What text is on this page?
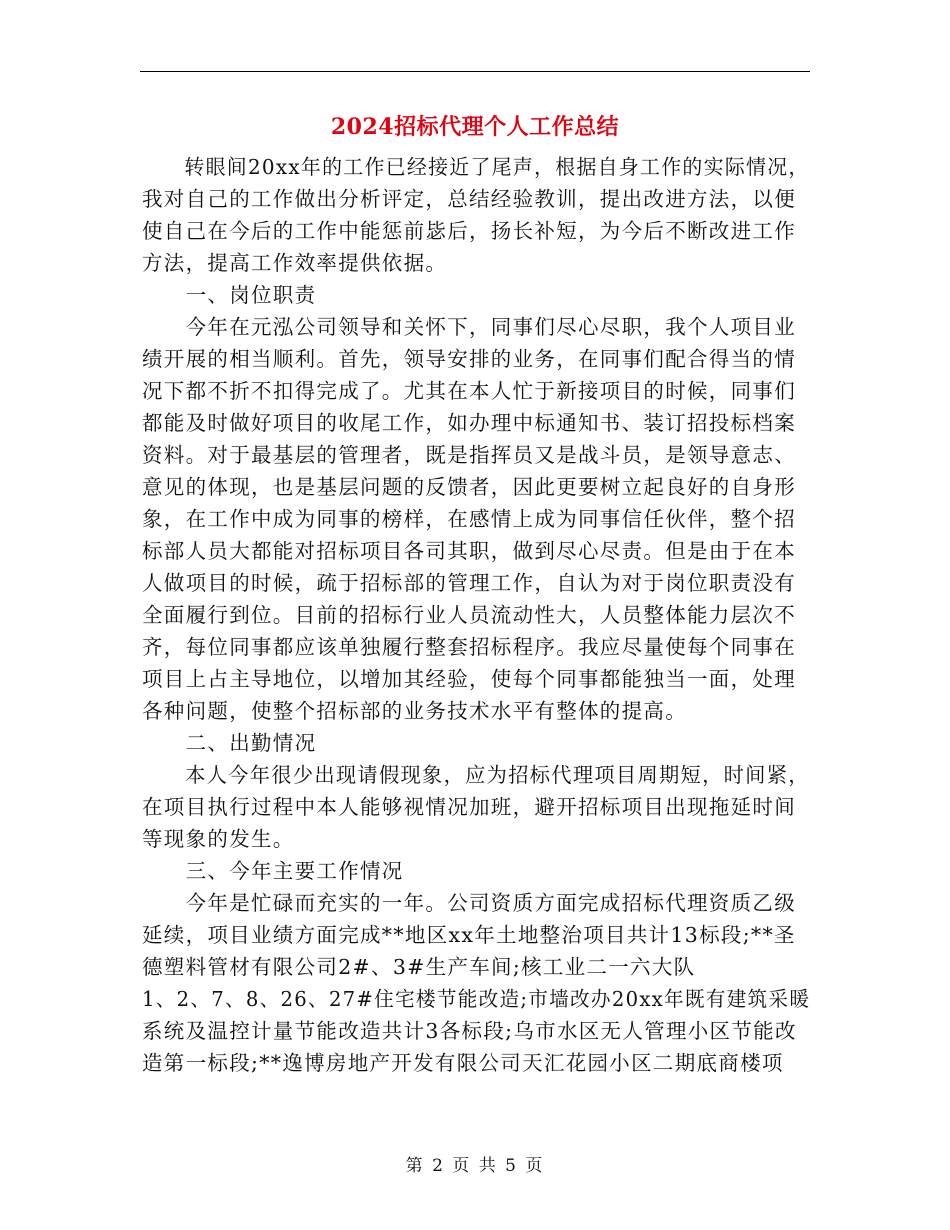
2024招标代理个人工作总结
　　转眼间20xx年的工作已经接近了尾声，根据自身工作的实际情况，
我对自己的工作做出分析评定，总结经验教训，提出改进方法，以便
使自己在今后的工作中能惩前毖后，扬长补短，为今后不断改进工作
方法，提高工作效率提供依据。
　　一、岗位职责
　　今年在元泓公司领导和关怀下，同事们尽心尽职，我个人项目业
绩开展的相当顺利。首先，领导安排的业务，在同事们配合得当的情
况下都不折不扣得完成了。尤其在本人忙于新接项目的时候，同事们
都能及时做好项目的收尾工作，如办理中标通知书、装订招投标档案
资料。对于最基层的管理者，既是指挥员又是战斗员，是领导意志、
意见的体现，也是基层问题的反馈者，因此更要树立起良好的自身形
象，在工作中成为同事的榜样，在感情上成为同事信任伙伴，整个招
标部人员大都能对招标项目各司其职，做到尽心尽责。但是由于在本
人做项目的时候，疏于招标部的管理工作，自认为对于岗位职责没有
全面履行到位。目前的招标行业人员流动性大，人员整体能力层次不
齐，每位同事都应该单独履行整套招标程序。我应尽量使每个同事在
项目上占主导地位，以增加其经验，使每个同事都能独当一面，处理
各种问题，使整个招标部的业务技术水平有整体的提高。
　　二、出勤情况
　　本人今年很少出现请假现象，应为招标代理项目周期短，时间紧，
在项目执行过程中本人能够视情况加班，避开招标项目出现拖延时间
等现象的发生。
　　三、今年主要工作情况
　　今年是忙碌而充实的一年。公司资质方面完成招标代理资质乙级
延续，项目业绩方面完成**地区xx年土地整治项目共计13标段;**圣
德塑料管材有限公司2#、3#生产车间;核工业二一六大队
1、2、7、8、26、27#住宅楼节能改造;市墙改办20xx年既有建筑采暖
系统及温控计量节能改造共计3各标段;乌市水区无人管理小区节能改
造第一标段;**逸博房地产开发有限公司天汇花园小区二期底商楼项
第 2 页 共 5 页
